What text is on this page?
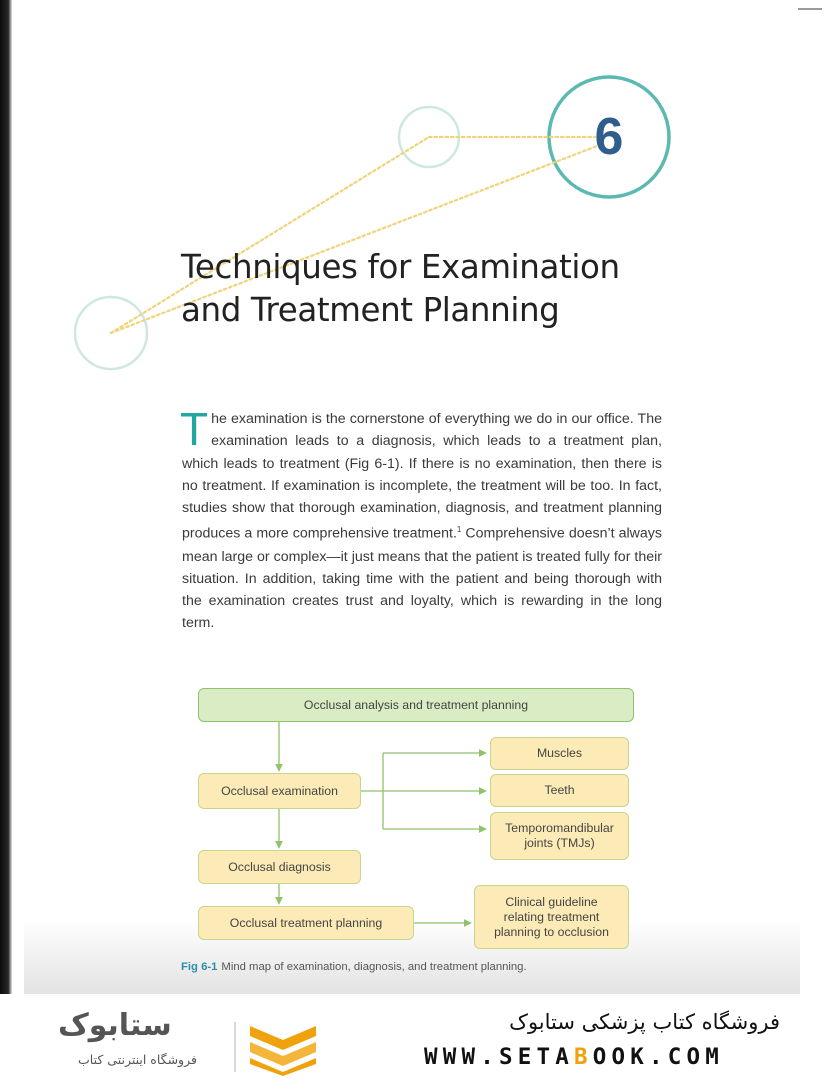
6
Techniques for Examination
and Treatment Planning

The examination is the cornerstone of everything we do in our office. The examination leads to a diagnosis, which leads to a treatment plan, which leads to treatment (Fig 6-1). If there is no examination, then there is no treatment. If examination is incomplete, the treatment will be too. In fact, studies show that thorough examination, diagnosis, and treatment planning produces a more comprehensive treatment.$^1$ Comprehensive doesn’t always mean large or complex—it just means that the patient is treated fully for their situation. In addition, taking time with the patient and being thorough with the examination creates trust and loyalty, which is rewarding in the long term.

Occlusal analysis and treatment planning
Occlusal examination
Muscles
Teeth
Temporomandibular joints (TMJs)
Occlusal diagnosis
Occlusal treatment planning
Clinical guideline relating treatment planning to occlusion

Fig 6-1 Mind map of examination, diagnosis, and treatment planning.

ستابوک
فروشگاه اینترنتی کتاب
فروشگاه کتاب پزشکی ستابوک
WWW.SETABOOK.COM
